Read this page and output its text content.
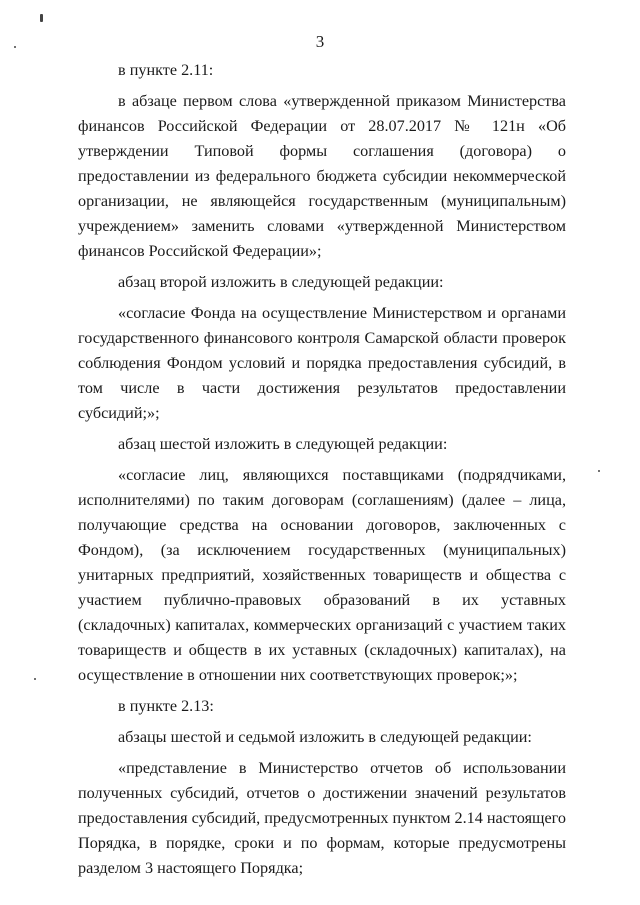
3

в пункте 2.11:

в абзаце первом слова «утвержденной приказом Министерства финансов Российской Федерации от 28.07.2017 № 121н «Об утверждении Типовой формы соглашения (договора) о предоставлении из федерального бюджета субсидии некоммерческой организации, не являющейся государственным (муниципальным) учреждением» заменить словами «утвержденной Министерством финансов Российской Федерации»;

абзац второй изложить в следующей редакции:

«согласие Фонда на осуществление Министерством и органами государственного финансового контроля Самарской области проверок соблюдения Фондом условий и порядка предоставления субсидий, в том числе в части достижения результатов предоставлении субсидий;»;

абзац шестой изложить в следующей редакции:

«согласие лиц, являющихся поставщиками (подрядчиками, исполнителями) по таким договорам (соглашениям) (далее – лица, получающие средства на основании договоров, заключенных с Фондом), (за исключением государственных (муниципальных) унитарных предприятий, хозяйственных товариществ и общества с участием публично-правовых образований в их уставных (складочных) капиталах, коммерческих организаций с участием таких товариществ и обществ в их уставных (складочных) капиталах), на осуществление в отношении них соответствующих проверок;»;

в пункте 2.13:

абзацы шестой и седьмой изложить в следующей редакции:

«представление в Министерство отчетов об использовании полученных субсидий, отчетов о достижении значений результатов предоставления субсидий, предусмотренных пунктом 2.14 настоящего Порядка, в порядке, сроки и по формам, которые предусмотрены разделом 3 настоящего Порядка;
